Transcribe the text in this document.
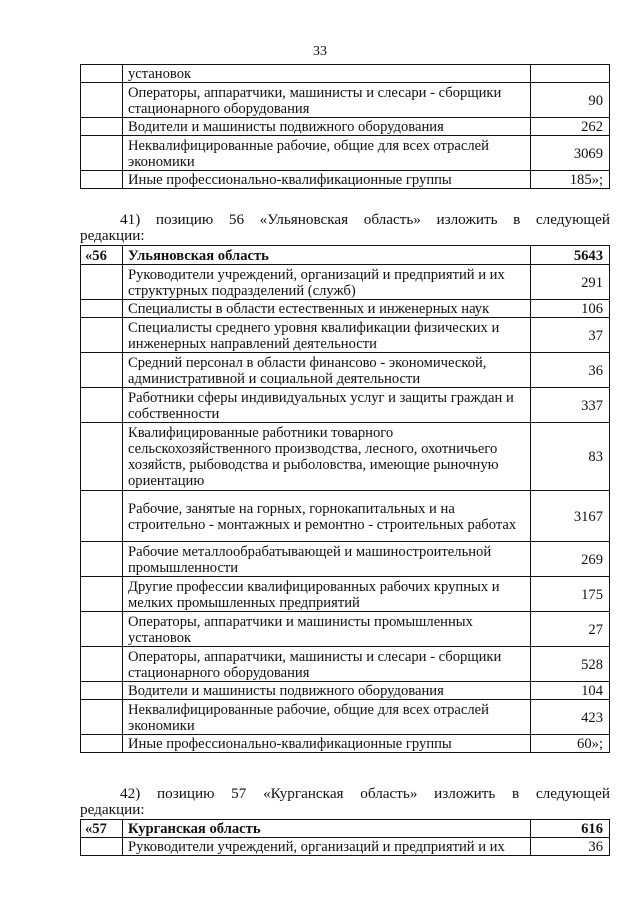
33
	установок	
	Операторы, аппаратчики, машинисты и слесари - сборщики стационарного оборудования	90
	Водители и машинисты подвижного оборудования	262
	Неквалифицированные рабочие, общие для всех отраслей экономики	3069
	Иные профессионально-квалификационные группы	185»;

41) позицию 56 «Ульяновская область» изложить в следующей

редакции:

«56	Ульяновская область	5643
	Руководители учреждений, организаций и предприятий и их структурных подразделений (служб)	291
	Специалисты в области естественных и инженерных наук	106
	Специалисты среднего уровня квалификации физических и инженерных направлений деятельности	37
	Средний персонал в области финансово - экономической, административной и социальной деятельности	36
	Работники сферы индивидуальных услуг и защиты граждан и собственности	337
	Квалифицированные работники товарного сельскохозяйственного производства, лесного, охотничьего хозяйств, рыбоводства и рыболовства, имеющие рыночную ориентацию	83
	Рабочие, занятые на горных, горнокапитальных и на строительно - монтажных и ремонтно - строительных работах	3167
	Рабочие металлообрабатывающей и машиностроительной промышленности	269
	Другие профессии квалифицированных рабочих крупных и мелких промышленных предприятий	175
	Операторы, аппаратчики и машинисты промышленных установок	27
	Операторы, аппаратчики, машинисты и слесари - сборщики стационарного оборудования	528
	Водители и машинисты подвижного оборудования	104
	Неквалифицированные рабочие, общие для всех отраслей экономики	423
	Иные профессионально-квалификационные группы	60»;

42) позицию 57 «Курганская область» изложить в следующей

редакции:

«57	Курганская область	616
	Руководители учреждений, организаций и предприятий и их	36
